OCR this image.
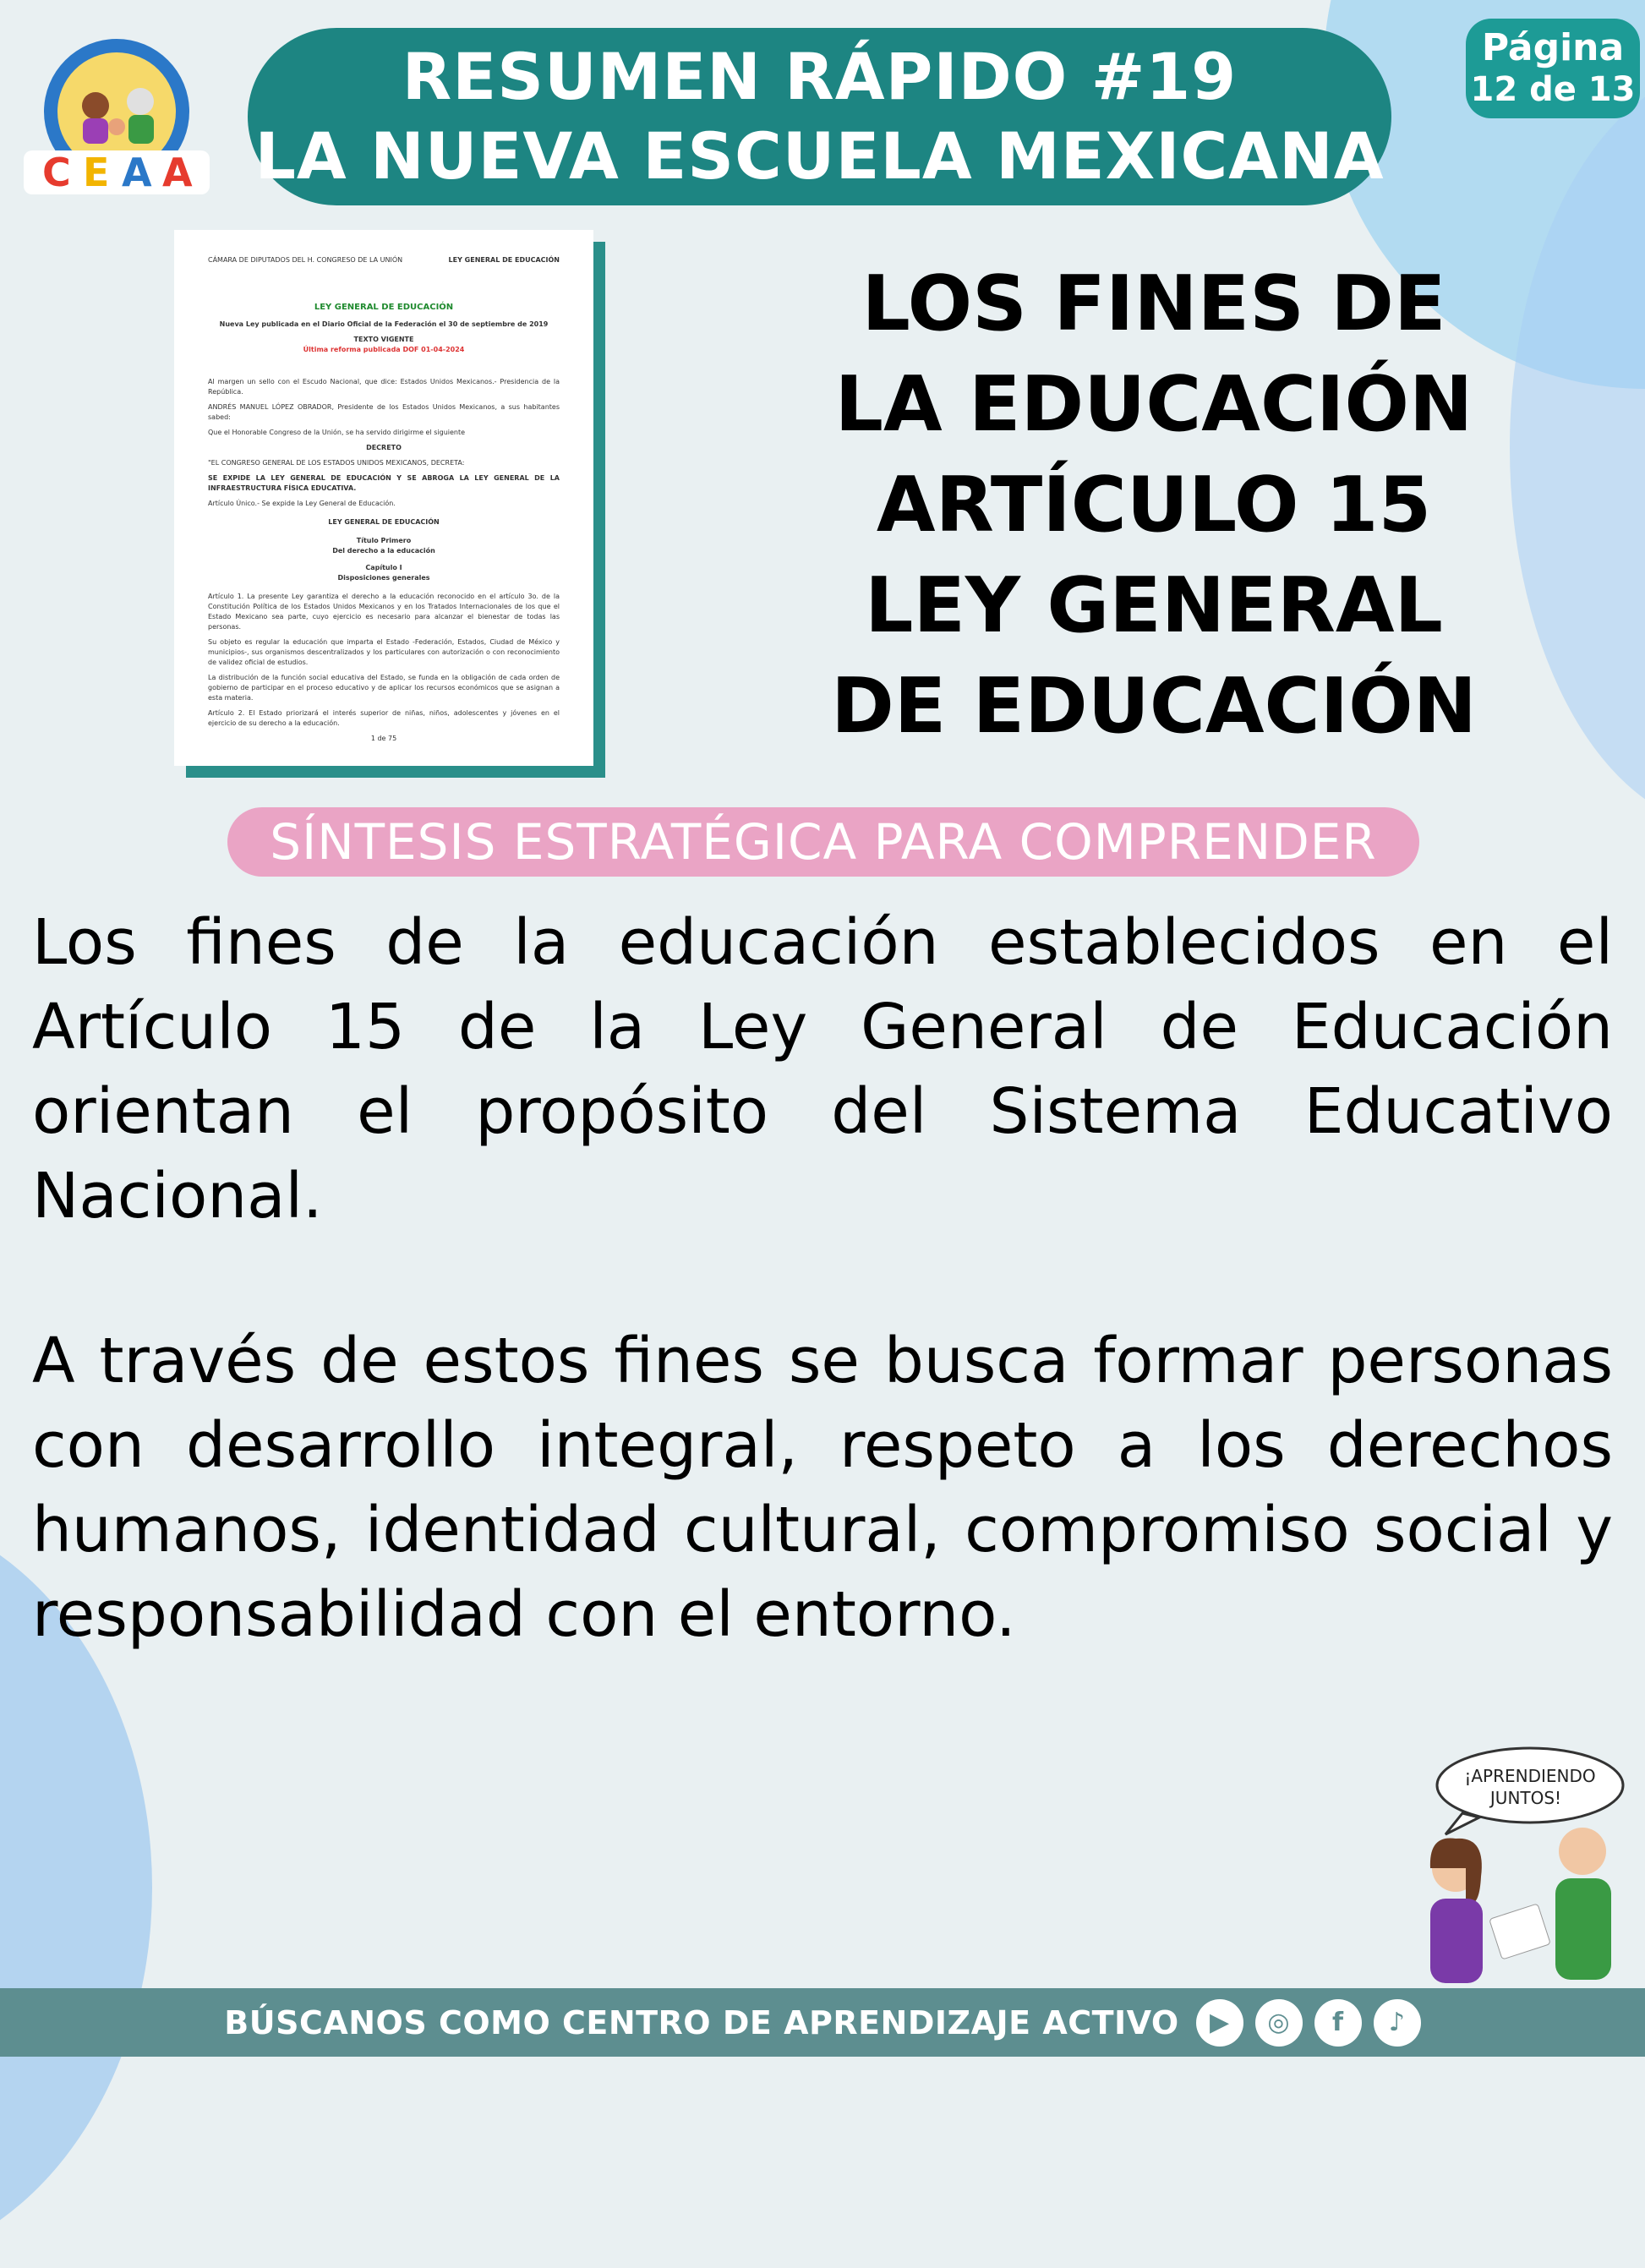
C E A A
RESUMEN RÁPIDO #19
LA NUEVA ESCUELA MEXICANA
Página
12 de 13
CÁMARA DE DIPUTADOS DEL H. CONGRESO DE LA UNIÓN	LEY GENERAL DE EDUCACIÓN
LEY GENERAL DE EDUCACIÓN
Nueva Ley publicada en el Diario Oficial de la Federación el 30 de septiembre de 2019
TEXTO VIGENTE
Última reforma publicada DOF 01-04-2024

Al margen un sello con el Escudo Nacional, que dice: Estados Unidos Mexicanos.- Presidencia de la República.

ANDRÉS MANUEL LÓPEZ OBRADOR, Presidente de los Estados Unidos Mexicanos, a sus habitantes sabed:

Que el Honorable Congreso de la Unión, se ha servido dirigirme el siguiente

DECRETO

"EL CONGRESO GENERAL DE LOS ESTADOS UNIDOS MEXICANOS, DECRETA:

SE EXPIDE LA LEY GENERAL DE EDUCACIÓN Y SE ABROGA LA LEY GENERAL DE LA INFRAESTRUCTURA FÍSICA EDUCATIVA.

Artículo Único.- Se expide la Ley General de Educación.

LEY GENERAL DE EDUCACIÓN
Título Primero
Del derecho a la educación
Capítulo I
Disposiciones generales

Artículo 1. La presente Ley garantiza el derecho a la educación reconocido en el artículo 3o. de la Constitución Política de los Estados Unidos Mexicanos y en los Tratados Internacionales de los que el Estado Mexicano sea parte, cuyo ejercicio es necesario para alcanzar el bienestar de todas las personas.

Su objeto es regular la educación que imparta el Estado -Federación, Estados, Ciudad de México y municipios-, sus organismos descentralizados y los particulares con autorización o con reconocimiento de validez oficial de estudios.

La distribución de la función social educativa del Estado, se funda en la obligación de cada orden de gobierno de participar en el proceso educativo y de aplicar los recursos económicos que se asignan a esta materia.

Artículo 2. El Estado priorizará el interés superior de niñas, niños, adolescentes y jóvenes en el ejercicio de su derecho a la educación.

1 de 75
LOS FINES DE
LA EDUCACIÓN
ARTÍCULO 15
LEY GENERAL
DE EDUCACIÓN
SÍNTESIS ESTRATÉGICA PARA COMPRENDER
Los fines de la educación establecidos en el Artículo 15 de la Ley General de Educación orientan el propósito del Sistema Educativo Nacional.
A través de estos fines se busca formar personas con desarrollo integral, respeto a los derechos humanos, identidad cultural, compromiso social y responsabilidad con el entorno.
¡APRENDIENDO
JUNTOS!
BÚSCANOS COMO CENTRO DE APRENDIZAJE ACTIVO	▶	◎	f	♪
